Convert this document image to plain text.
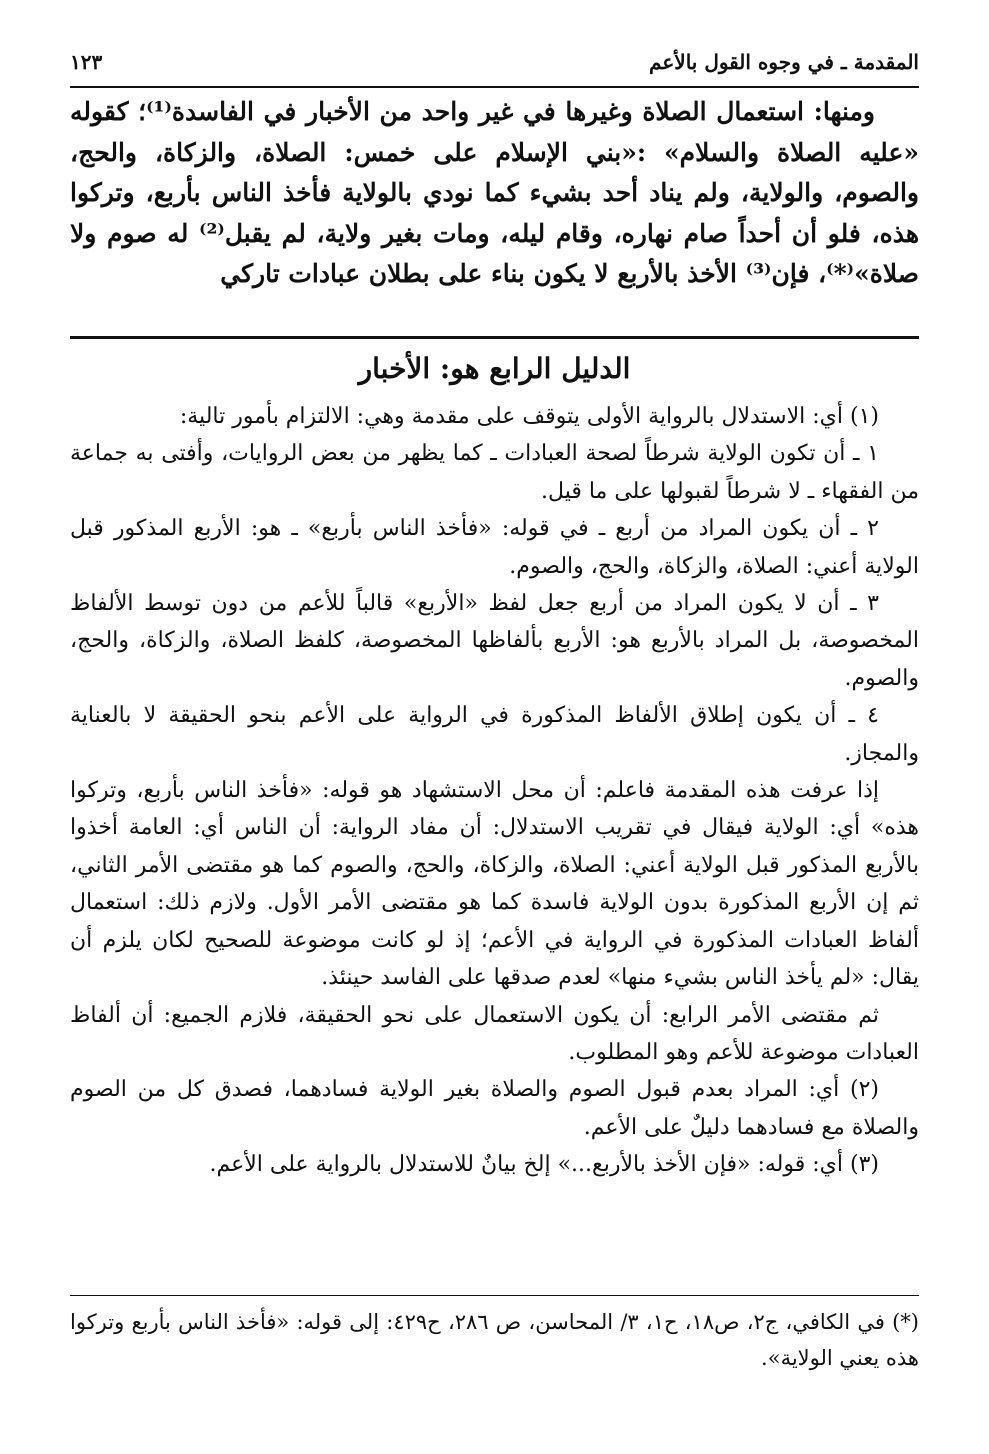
المقدمة ـ في وجوه القول بالأعم
١٢٣

ومنها: استعمال الصلاة وغيرها في غير واحد من الأخبار في الفاسدة⁽¹⁾؛ كقوله «عليه الصلاة والسلام» :«بني الإسلام على خمس: الصلاة، والزكاة، والحج، والصوم، والولاية، ولم يناد أحد بشيء كما نودي بالولاية فأخذ الناس بأربع، وتركوا هذه، فلو أن أحداً صام نهاره، وقام ليله، ومات بغير ولاية، لم يقبل⁽²⁾ له صوم ولا صلاة»⁽*⁾، فإن⁽³⁾ الأخذ بالأربع لا يكون بناء على بطلان عبادات تاركي

الدليل الرابع هو: الأخبار

(١) أي: الاستدلال بالرواية الأولى يتوقف على مقدمة وهي: الالتزام بأمور تالية:

١ ـ أن تكون الولاية شرطاً لصحة العبادات ـ كما يظهر من بعض الروايات، وأفتى به جماعة من الفقهاء ـ لا شرطاً لقبولها على ما قيل.

٢ ـ أن يكون المراد من أربع ـ في قوله: «فأخذ الناس بأربع» ـ هو: الأربع المذكور قبل الولاية أعني: الصلاة، والزكاة، والحج، والصوم.

٣ ـ أن لا يكون المراد من أربع جعل لفظ «الأربع» قالباً للأعم من دون توسط الألفاظ المخصوصة، بل المراد بالأربع هو: الأربع بألفاظها المخصوصة، كلفظ الصلاة، والزكاة، والحج، والصوم.

٤ ـ أن يكون إطلاق الألفاظ المذكورة في الرواية على الأعم بنحو الحقيقة لا بالعناية والمجاز.

إذا عرفت هذه المقدمة فاعلم: أن محل الاستشهاد هو قوله: «فأخذ الناس بأربع، وتركوا هذه» أي: الولاية فيقال في تقريب الاستدلال: أن مفاد الرواية: أن الناس أي: العامة أخذوا بالأربع المذكور قبل الولاية أعني: الصلاة، والزكاة، والحج، والصوم كما هو مقتضى الأمر الثاني، ثم إن الأربع المذكورة بدون الولاية فاسدة كما هو مقتضى الأمر الأول. ولازم ذلك: استعمال ألفاظ العبادات المذكورة في الرواية في الأعم؛ إذ لو كانت موضوعة للصحيح لكان يلزم أن يقال: «لم يأخذ الناس بشيء منها» لعدم صدقها على الفاسد حينئذ.

ثم مقتضى الأمر الرابع: أن يكون الاستعمال على نحو الحقيقة، فلازم الجميع: أن ألفاظ العبادات موضوعة للأعم وهو المطلوب.

(٢) أي: المراد بعدم قبول الصوم والصلاة بغير الولاية فسادهما، فصدق كل من الصوم والصلاة مع فسادهما دليلٌ على الأعم.

(٣) أي: قوله: «فإن الأخذ بالأربع...» إلخ بيانٌ للاستدلال بالرواية على الأعم.

(*) في الكافي، ج٢، ص١٨، ح١، ٣/ المحاسن، ص ٢٨٦، ح٤٢٩: إلى قوله: «فأخذ الناس بأربع وتركوا هذه يعني الولاية».
